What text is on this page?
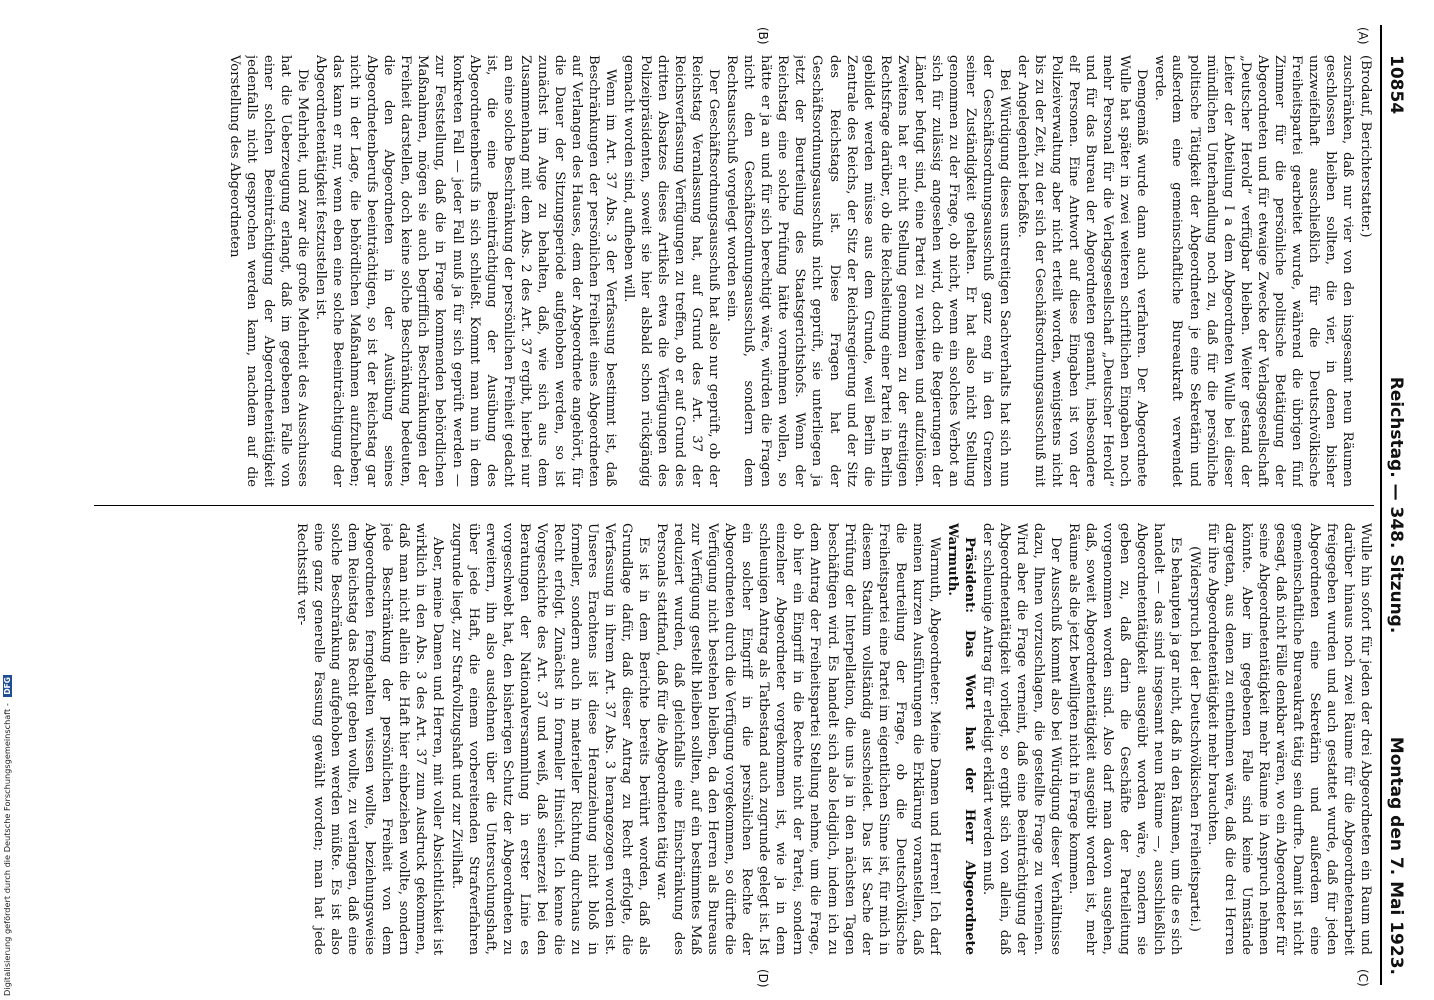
Digitalisierung gefördert durch die Deutsche Forschungsgemeinschaft - DFG
10854
Reichstag. — 348. Sitzung.
Montag den 7. Mai 1923.
(A)
(B)
(C)
(D)

(Brodauf, Berichterstatter.)

zuschränken, daß nur vier von den insgesamt neun Räumen geschlossen bleiben sollten, die vier, in denen bisher unzweifelhaft ausschließlich für die Deutschvölkische Freiheitspartei gearbeitet wurde, während die übrigen fünf Zimmer für die persönliche politische Betätigung der Abgeordneten und für etwaige Zwecke der Verlagsgesellschaft „Deutscher Herold“ verfügbar bleiben. Weiter gestand der Leiter der Abteilung I a dem Abgeordneten Wulle bei dieser mündlichen Unterhandlung noch zu, daß für die persönliche politische Tätigkeit der Abgeordneten je eine Sekretärin und außerdem eine gemeinschaftliche Bureaukraft verwendet werde.

Demgemäß wurde dann auch verfahren. Der Abgeordnete Wulle hat später in zwei weiteren schriftlichen Eingaben noch mehr Personal für die Verlagsgesellschaft „Deutscher Herold“ und für das Bureau der Abgeordneten genannt, insbesondere elf Personen. Eine Antwort auf diese Eingaben ist von der Polizeiverwaltung aber nicht erteilt worden, wenigstens nicht bis zu der Zeit, zu der sich der Geschäftsordnungsausschuß mit der Angelegenheit befaßte.

Bei Würdigung dieses unstreitigen Sachverhalts hat sich nun der Geschäftsordnungsausschuß ganz eng in den Grenzen seiner Zuständigkeit gehalten. Er hat also nicht Stellung genommen zu der Frage, ob nicht, wenn ein solches Verbot an sich für zulässig angesehen wird, doch die Regierungen der Länder befugt sind, eine Partei zu verbieten und aufzulösen. Zweitens hat er nicht Stellung genommen zu der streitigen Rechtsfrage darüber, ob die Reichsleitung einer Partei in Berlin gebildet werden müsse aus dem Grunde, weil Berlin die Zentrale des Reichs, der Sitz der Reichsregierung und der Sitz des Reichstags ist. Diese Fragen hat der Geschäftsordnungsausschuß nicht geprüft, sie unterliegen ja jetzt der Beurteilung des Staatsgerichtshofs. Wenn der Reichstag eine solche Prüfung hätte vornehmen wollen, so hätte er ja an und für sich berechtigt wäre, würden die Fragen nicht den Geschäftsordnungsausschuß, sondern dem Rechtsausschuß vorgelegt worden sein.

Der Geschäftsordnungsausschuß hat also nur geprüft, ob der Reichstag Veranlassung hat, auf Grund des Art. 37 der Reichsverfassung Verfügungen zu treffen, ob er auf Grund des dritten Absatzes dieses Artikels etwa die Verfügungen des Polizeipräsidenten, soweit sie hier alsbald schon rückgängig gemacht worden sind, aufheben will.

Wenn im Art. 37 Abs. 3 der Verfassung bestimmt ist, daß Beschränkungen der persönlichen Freiheit eines Abgeordneten auf Verlangen des Hauses, dem der Abgeordnete angehört, für die Dauer der Sitzungsperiode aufgehoben werden, so ist zunächst im Auge zu behalten, daß, wie sich aus dem Zusammenhang mit dem Abs. 2 des Art. 37 ergibt, hierbei nur an eine solche Beschränkung der persönlichen Freiheit gedacht ist, die eine Beeinträchtigung der Ausübung des Abgeordnetenberufs in sich schließt. Kommt man nun in dem konkreten Fall — jeder Fall muß ja für sich geprüft werden — zur Feststellung, daß die in Frage kommenden behördlichen Maßnahmen, mögen sie auch begrifflich Beschränkungen der Freiheit darstellen, doch keine solche Beschränkung bedeuten, die den Abgeordneten in der Ausübung seines Abgeordnetenberufs beeinträchtigen, so ist der Reichstag gar nicht in der Lage, die behördlichen Maßnahmen aufzuheben; das kann er nur, wenn eben eine solche Beeinträchtigung der Abgeordnetentätigkeit festzustellen ist.

Die Mehrheit, und zwar die große Mehrheit des Ausschusses hat die Ueberzeugung erlangt, daß im gegebenen Falle von einer solchen Beeinträchtigung der Abgeordnetentätigkeit jedenfalls nicht gesprochen werden kann, nachdem auf die Vorstellung des Abgeordneten

Wulle hin sofort für jeden der drei Abgeordneten ein Raum und darüber hinaus noch zwei Räume für die Abgeordnetenarbeit freigegeben wurden und auch gestattet wurde, daß für jeden Abgeordneten eine Sekretärin und außerdem eine gemeinschaftliche Bureaukraft tätig sein durfte. Damit ist nicht gesagt, daß nicht Fälle denkbar wären, wo ein Abgeordneter für seine Abgeordnetentätigkeit mehr Räume in Anspruch nehmen könnte. Aber im gegebenen Falle sind keine Umstände dargetan, aus denen zu entnehmen wäre, daß die drei Herren für ihre Abgeordnetentätigkeit mehr brauchten.

(Widerspruch bei der Deutschvölkischen Freiheitspartei.)

Es behaupten ja gar nicht, daß in den Räumen, um die es sich handelt — das sind insgesamt neun Räume —, ausschließlich Abgeordnetentätigkeit ausgeübt worden wäre, sondern sie geben zu, daß darin die Geschäfte der Parteileitung vorgenommen worden sind. Also darf man davon ausgehen, daß, soweit Abgeordnetentätigkeit ausgeübt worden ist, mehr Räume als die jetzt bewilligten nicht in Frage kommen.

Der Ausschuß kommt also bei Würdigung dieser Verhältnisse dazu, Ihnen vorzuschlagen, die gestellte Frage zu verneinen. Wird aber die Frage verneint, daß eine Beeinträchtigung der Abgeordnetentätigkeit vorliegt, so ergibt sich von allein, daß der schleunige Antrag für erledigt erklärt werden muß.

Präsident: Das Wort hat der Herr Abgeordnete Warmuth.

Warmuth, Abgeordneter: Meine Damen und Herren! Ich darf meinen kurzen Ausführungen die Erklärung voranstellen, daß die Beurteilung der Frage, ob die Deutschvölkische Freiheitspartei eine Partei im eigentlichen Sinne ist, für mich in diesem Stadium vollständig ausscheidet. Das ist Sache der Prüfung der Interpellation, die uns ja in den nächsten Tagen beschäftigen wird. Es handelt sich also lediglich, indem ich zu dem Antrag der Freiheitspartei Stellung nehme, um die Frage, ob hier ein Eingriff in die Rechte nicht der Partei, sondern einzelner Abgeordneter vorgekommen ist, wie ja in dem schleunigen Antrag als Tatbestand auch zugrunde gelegt ist. Ist ein solcher Eingriff in die persönlichen Rechte der Abgeordneten durch die Verfügung vorgekommen, so dürfte die Verfügung nicht bestehen bleiben, da den Herren als Bureaus zur Verfügung gestellt bleiben sollten, auf ein bestimmtes Maß reduziert wurden, daß gleichfalls eine Einschränkung des Personals stattfand, daß für die Abgeordneten tätig war.

Es ist in dem Berichte bereits berührt worden, daß als Grundlage dafür, daß dieser Antrag zu Recht erfolgte, die Verfassung in ihrem Art. 37 Abs. 3 herangezogen worden ist. Unseres Erachtens ist diese Heranziehung nicht bloß in formeller, sondern auch in materieller Richtung durchaus zu Recht erfolgt. Zunächst in formeller Hinsicht. Ich kenne die Vorgeschichte des Art. 37 und weiß, daß seinerzeit bei den Beratungen der Nationalversammlung in erster Linie es vorgeschwebt hat, den bisherigen Schutz der Abgeordneten zu erweitern, ihn also ausdehnen über die Untersuchungshaft, über jede Haft, die einem vorbereitenden Strafverfahren zugrunde liegt, zur Strafvollzugshaft und zur Zivilhaft.

Aber, meine Damen und Herren, mit voller Absichtlichkeit ist wirklich in den Abs. 3 des Art. 37 zum Ausdruck gekommen, daß man nicht allein die Haft hier einbeziehen wollte, sondern jede Beschränkung der persönlichen Freiheit von dem Abgeordneten ferngehalten wissen wollte, beziehungsweise dem Reichstag das Recht geben wollte, zu verlangen, daß eine solche Beschränkung aufgehoben werden müßte. Es ist also eine ganz generelle Fassung gewählt worden; man hat jede Rechtsstift ver-
